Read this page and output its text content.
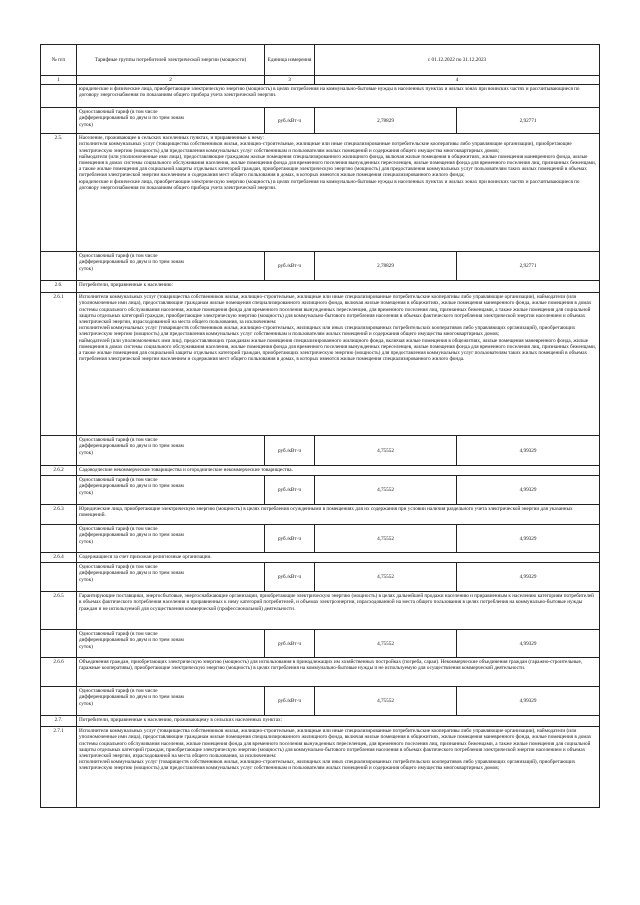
№ п/п	Тарифные группы потребителей электрической энергии (мощности)	Единица измерения	с 01.12.2022 по 31.12.2023	
1	2	3	4	
	юридические и физические лица, приобретающие электрическую энергию (мощность) в целях потребления на коммунально-бытовые нужды в населенных пунктах и жилых зонах при воинских частях и рассчитывающиеся по договору энергоснабжения по показаниям общего прибора учета электрической энергии.			
	Одноставочный тариф (в том числе
дифференцированный по двум и по трем зонам
суток)	руб./кВт·ч	2,78829	2,92771
2.5.	Население, проживающее в сельских населенных пунктах, и приравненные к нему:
исполнители коммунальных услуг (товарищества собственников жилья, жилищно-строительные, жилищные или иные специализированные потребительские кооперативы либо управляющие организации), приобретающие электрическую энергию (мощность) для предоставления коммунальных услуг собственникам и пользователям жилых помещений и содержания общего имущества многоквартирных домов;
наймодатели (или уполномоченные ими лица), предоставляющие гражданам жилые помещения специализированного жилищного фонда, включая жилые помещения в общежитиях, жилые помещения маневренного фонда, жилые помещения в домах системы социального обслуживания населения, жилые помещения фонда для временного поселения вынужденных переселенцев, жилые помещения фонда для временного поселения лиц, признанных беженцами, а также жилые помещения для социальной защиты отдельных категорий граждан, приобретающие электрическую энергию (мощность) для предоставления коммунальных услуг пользователям таких жилых помещений в объемах потребления электрической энергии населением и содержания мест общего пользования в домах, в которых имеются жилые помещения специализированного жилого фонда;
юридические и физические лица, приобретающие электрическую энергию (мощность) в целях потребления на коммунально-бытовые нужды в населенных пунктах и жилых зонах при воинских частях и рассчитывающиеся по договору энергоснабжения по показаниям общего прибора учета электрической энергии.			
	Одноставочный тариф (в том числе
дифференцированный по двум и по трем зонам
суток)	руб./кВт·ч	2,78829	2,92771
2.6.	Потребители, приравненные к населению:			
2.6.1	Исполнители коммунальных услуг (товарищества собственников жилья, жилищно-строительные, жилищные или иные специализированные потребительские кооперативы либо управляющие организации), наймодатели (или уполномоченные ими лица), предоставляющие гражданам жилые помещения специализированного жилищного фонда, включая жилые помещения в общежитиях, жилые помещения маневренного фонда, жилые помещения в домах системы социального обслуживания населения, жилые помещения фонда для временного поселения вынужденных переселенцев, для временного поселения лиц, признанных беженцами, а также жилые помещения для социальной защиты отдельных категорий граждан, приобретающие электрическую энергию (мощность) для коммунально-бытового потребления населения в объемах фактического потребления электрической энергии населением и объемах электрической энергии, израсходованной на места общего пользования, за исключением:
исполнителей коммунальных услуг (товариществ собственников жилья, жилищно-строительных, жилищных или иных специализированных потребительских кооперативов либо управляющих организаций), приобретающих электрическую энергию (мощность) для предоставления коммунальных услуг собственникам и пользователям жилых помещений и содержания общего имущества многоквартирных домов;
наймодателей (или уполномоченных ими лиц), предоставляющих гражданам жилые помещения специализированного жилищного фонда, включая жилые помещения в общежитиях, жилые помещения маневренного фонда, жилые помещения в домах системы социального обслуживания населения, жилые помещения фонда для временного поселения вынужденных переселенцев, жилые помещения фонда для временного поселения лиц, признанных беженцами, а также жилые помещения для социальной защиты отдельных категорий граждан, приобретающих электрическую энергию (мощность) для предоставления коммунальных услуг пользователям таких жилых помещений в объемах потребления электрической энергии населением и содержания мест общего пользования в домах, в которых имеются жилые помещения специализированного жилого фонда.			
	Одноставочный тариф (в том числе
дифференцированный по двум и по трем зонам
суток)	руб./кВт·ч	4,75552	4,99329
2.6.2	Садоводческие некоммерческие товарищества и огороднические некоммерческие товарищества.			
	Одноставочный тариф (в том числе
дифференцированный по двум и по трем зонам
суток)	руб./кВт·ч	4,75552	4,99329
2.6.3	Юридические лица, приобретающие электрическую энергию (мощность) в целях потребления осужденными в помещениях для их содержания при условии наличия раздельного учета электрической энергии для указанных помещений.			
	Одноставочный тариф (в том числе
дифференцированный по двум и по трем зонам
суток)	руб./кВт·ч	4,75552	4,99329
2.6.4	Содержащиеся за счет прихожан религиозные организации.			
	Одноставочный тариф (в том числе
дифференцированный по двум и по трем зонам
суток)	руб./кВт·ч	4,75552	4,99329
2.6.5	Гарантирующие поставщики, энергосбытовые, энергоснабжающие организации, приобретающие электрическую энергию (мощность) в целях дальнейшей продажи населению и приравненным к населению категориям потребителей в объемах фактического потребления населения и приравненных к нему категорий потребителей, и объемах электроэнергии, израсходованной на места общего пользования в целях потребления на коммунально-бытовые нужды граждан и не используемой для осуществления коммерческой (профессиональной) деятельности.			
	Одноставочный тариф (в том числе
дифференцированный по двум и по трем зонам
суток)	руб./кВт·ч	4,75552	4,99329
2.6.6	Объединения граждан, приобретающих электрическую энергию (мощность) для использования в принадлежащих им хозяйственных постройках (погреба, сараи). Некоммерческие объединения граждан (гаражно-строительные, гаражные кооперативы), приобретающие электрическую энергию (мощность) в целях потребления на коммунально-бытовые нужды и не используемую для осуществления коммерческой деятельности.			
	Одноставочный тариф (в том числе
дифференцированный по двум и по трем зонам
суток)	руб./кВт·ч	4,75552	4,99329
2.7.	Потребители, приравненные к населению, проживающему в сельских населенных пунктах:			
2.7.1	Исполнители коммунальных услуг (товарищества собственников жилья, жилищно-строительные, жилищные или иные специализированные потребительские кооперативы либо управляющие организации), наймодатели (или уполномоченные ими лица), предоставляющие гражданам жилые помещения специализированного жилищного фонда, включая жилые помещения в общежитиях, жилые помещения маневренного фонда, жилые помещения в домах системы социального обслуживания населения, жилые помещения фонда для временного поселения вынужденных переселенцев, для временного поселения лиц, признанных беженцами, а также жилые помещения для социальной защиты отдельных категорий граждан, приобретающие электрическую энергию (мощность) для коммунально-бытового потребления населения в объемах фактического потребления электрической энергии населением и объемах электрической энергии, израсходованной на места общего пользования, за исключением:
исполнителей коммунальных услуг (товариществ собственников жилья, жилищно-строительных, жилищных или иных специализированных потребительских кооперативов либо управляющих организаций), приобретающих электрическую энергию (мощность) для предоставления коммунальных услуг собственникам и пользователям жилых помещений и содержания общего имущества многоквартирных домов;			
